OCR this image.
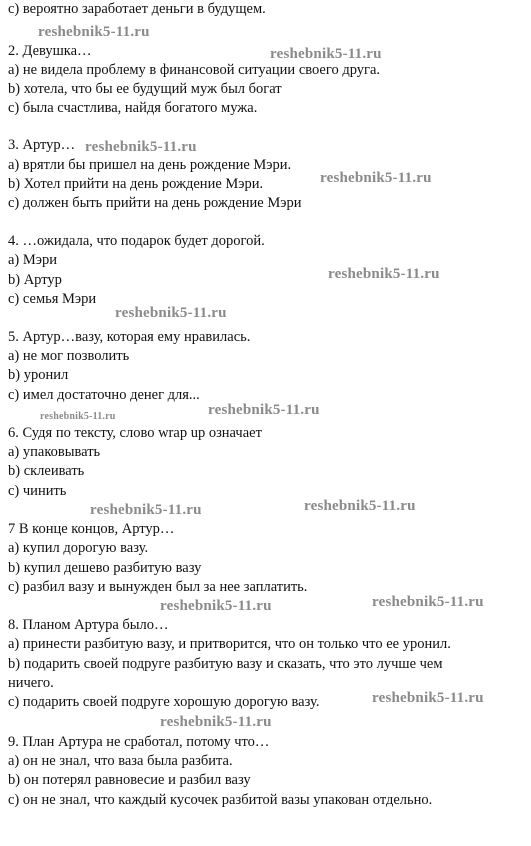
c) вероятно заработает деньги в будущем.
2. Девушка…
a) не видела проблему в финансовой ситуации своего друга.
b) хотела, что бы ее будущий муж был богат
c) была счастлива, найдя богатого мужа.
3. Артур…
a) врятли бы пришел на день рождение Мэри.
b) Хотел прийти на день рождение Мэри.
c) должен быть прийти на день рождение Мэри
4. …ожидала, что подарок будет дорогой.
a) Мэри
b) Артур
c) семья Мэри
5. Артур…вазу, которая ему нравилась.
a) не мог позволить
b) уронил
c) имел достаточно денег для...
6. Судя по тексту, слово wrap up означает
a) упаковывать
b) склеивать
c) чинить
7 В конце концов, Артур…
a) купил дорогую вазу.
b) купил дешево разбитую вазу
c) разбил вазу и вынужден был за нее заплатить.
8. Планом Артура было…
a) принести разбитую вазу, и притворится, что он только что ее уронил.
b) подарить своей подруге разбитую вазу и сказать, что это лучше чем
ничего.
c) подарить своей подруге хорошую дорогую вазу.
9. План Артура не сработал, потому что…
a) он не знал, что ваза была разбита.
b) он потерял равновесие и разбил вазу
c) он не знал, что каждый кусочек разбитой вазы упакован отдельно.
reshebnik5-11.ru
reshebnik5-11.ru
reshebnik5-11.ru
reshebnik5-11.ru
reshebnik5-11.ru
reshebnik5-11.ru
reshebnik5-11.ru	reshebnik5-11.ru
reshebnik5-11.ru
reshebnik5-11.ru
reshebnik5-11.ru
reshebnik5-11.ru
reshebnik5-11.ru
reshebnik5-11.ru
